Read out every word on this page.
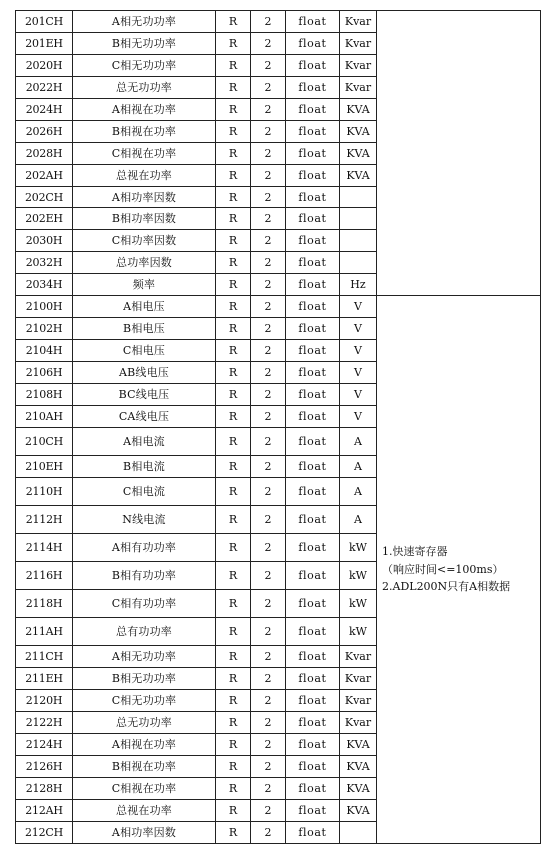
201CH	A相无功功率	R	2	float	Kvar	
201EH	B相无功功率	R	2	float	Kvar	
2020H	C相无功功率	R	2	float	Kvar	
2022H	总无功功率	R	2	float	Kvar	
2024H	A相视在功率	R	2	float	KVA	
2026H	B相视在功率	R	2	float	KVA	
2028H	C相视在功率	R	2	float	KVA	
202AH	总视在功率	R	2	float	KVA	
202CH	A相功率因数	R	2	float		
202EH	B相功率因数	R	2	float		
2030H	C相功率因数	R	2	float		
2032H	总功率因数	R	2	float		
2034H	频率	R	2	float	Hz	
2100H	A相电压	R	2	float	V	1.快速寄存器
（响应时间<=100ms）
2.ADL200N只有A相数据

2102H	B相电压	R	2	float	V	
2104H	C相电压	R	2	float	V	
2106H	AB线电压	R	2	float	V	
2108H	BC线电压	R	2	float	V	
210AH	CA线电压	R	2	float	V	
210CH	A相电流	R	2	float	A	
210EH	B相电流	R	2	float	A	
2110H	C相电流	R	2	float	A	
2112H	N线电流	R	2	float	A	
2114H	A相有功功率	R	2	float	kW	
2116H	B相有功功率	R	2	float	kW	
2118H	C相有功功率	R	2	float	kW	
211AH	总有功功率	R	2	float	kW	
211CH	A相无功功率	R	2	float	Kvar	
211EH	B相无功功率	R	2	float	Kvar	
2120H	C相无功功率	R	2	float	Kvar	
2122H	总无功功率	R	2	float	Kvar	
2124H	A相视在功率	R	2	float	KVA	
2126H	B相视在功率	R	2	float	KVA	
2128H	C相视在功率	R	2	float	KVA	
212AH	总视在功率	R	2	float	KVA	
212CH	A相功率因数	R	2	float		
